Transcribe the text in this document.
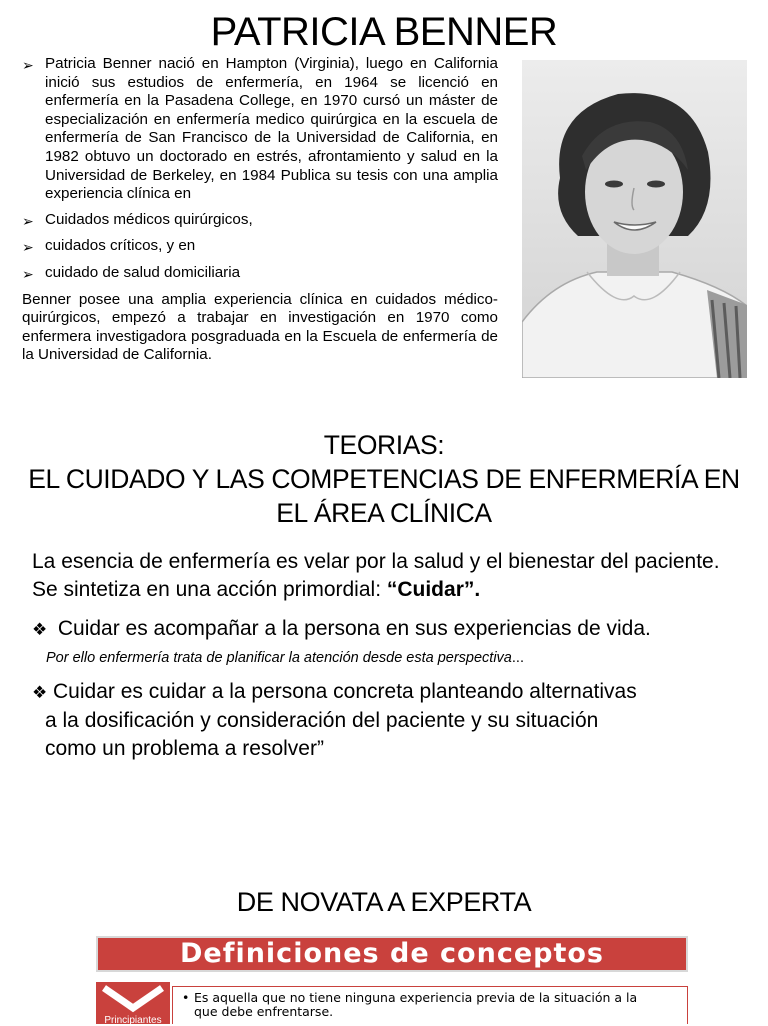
PATRICIA BENNER
➢ Patricia Benner nació en Hampton (Virginia), luego en California inició sus estudios de enfermería, en 1964 se licenció en enfermería en la Pasadena College, en 1970 cursó un máster de especialización en enfermería medico quirúrgica en la escuela de enfermería de San Francisco de la Universidad de California, en 1982 obtuvo un doctorado en estrés, afrontamiento y salud en la Universidad de Berkeley, en 1984 Publica su tesis con una amplia experiencia clínica en
➢ Cuidados médicos quirúrgicos,
➢ cuidados críticos, y en
➢ cuidado de salud domiciliaria
Benner posee una amplia experiencia clínica en cuidados médico-quirúrgicos, empezó a trabajar en investigación en 1970 como enfermera investigadora posgraduada en la Escuela de enfermería de la Universidad de California.
TEORIAS:
EL CUIDADO Y LAS COMPETENCIAS DE ENFERMERÍA EN
EL ÁREA CLÍNICA
La esencia de enfermería es velar por la salud y el bienestar del paciente. Se sintetiza en una acción primordial: “Cuidar”.
❖ Cuidar es acompañar a la persona en sus experiencias de vida.
Por ello enfermería trata de planificar la atención desde esta perspectiva...
❖ Cuidar es cuidar a la persona concreta planteando alternativas
a la dosificación y consideración del paciente y su situación
como un problema a resolver”
DE NOVATA A EXPERTA
Definiciones de conceptos
Principiantes
• Es aquella que no tiene ninguna experiencia previa de la situación a la
que debe enfrentarse.
